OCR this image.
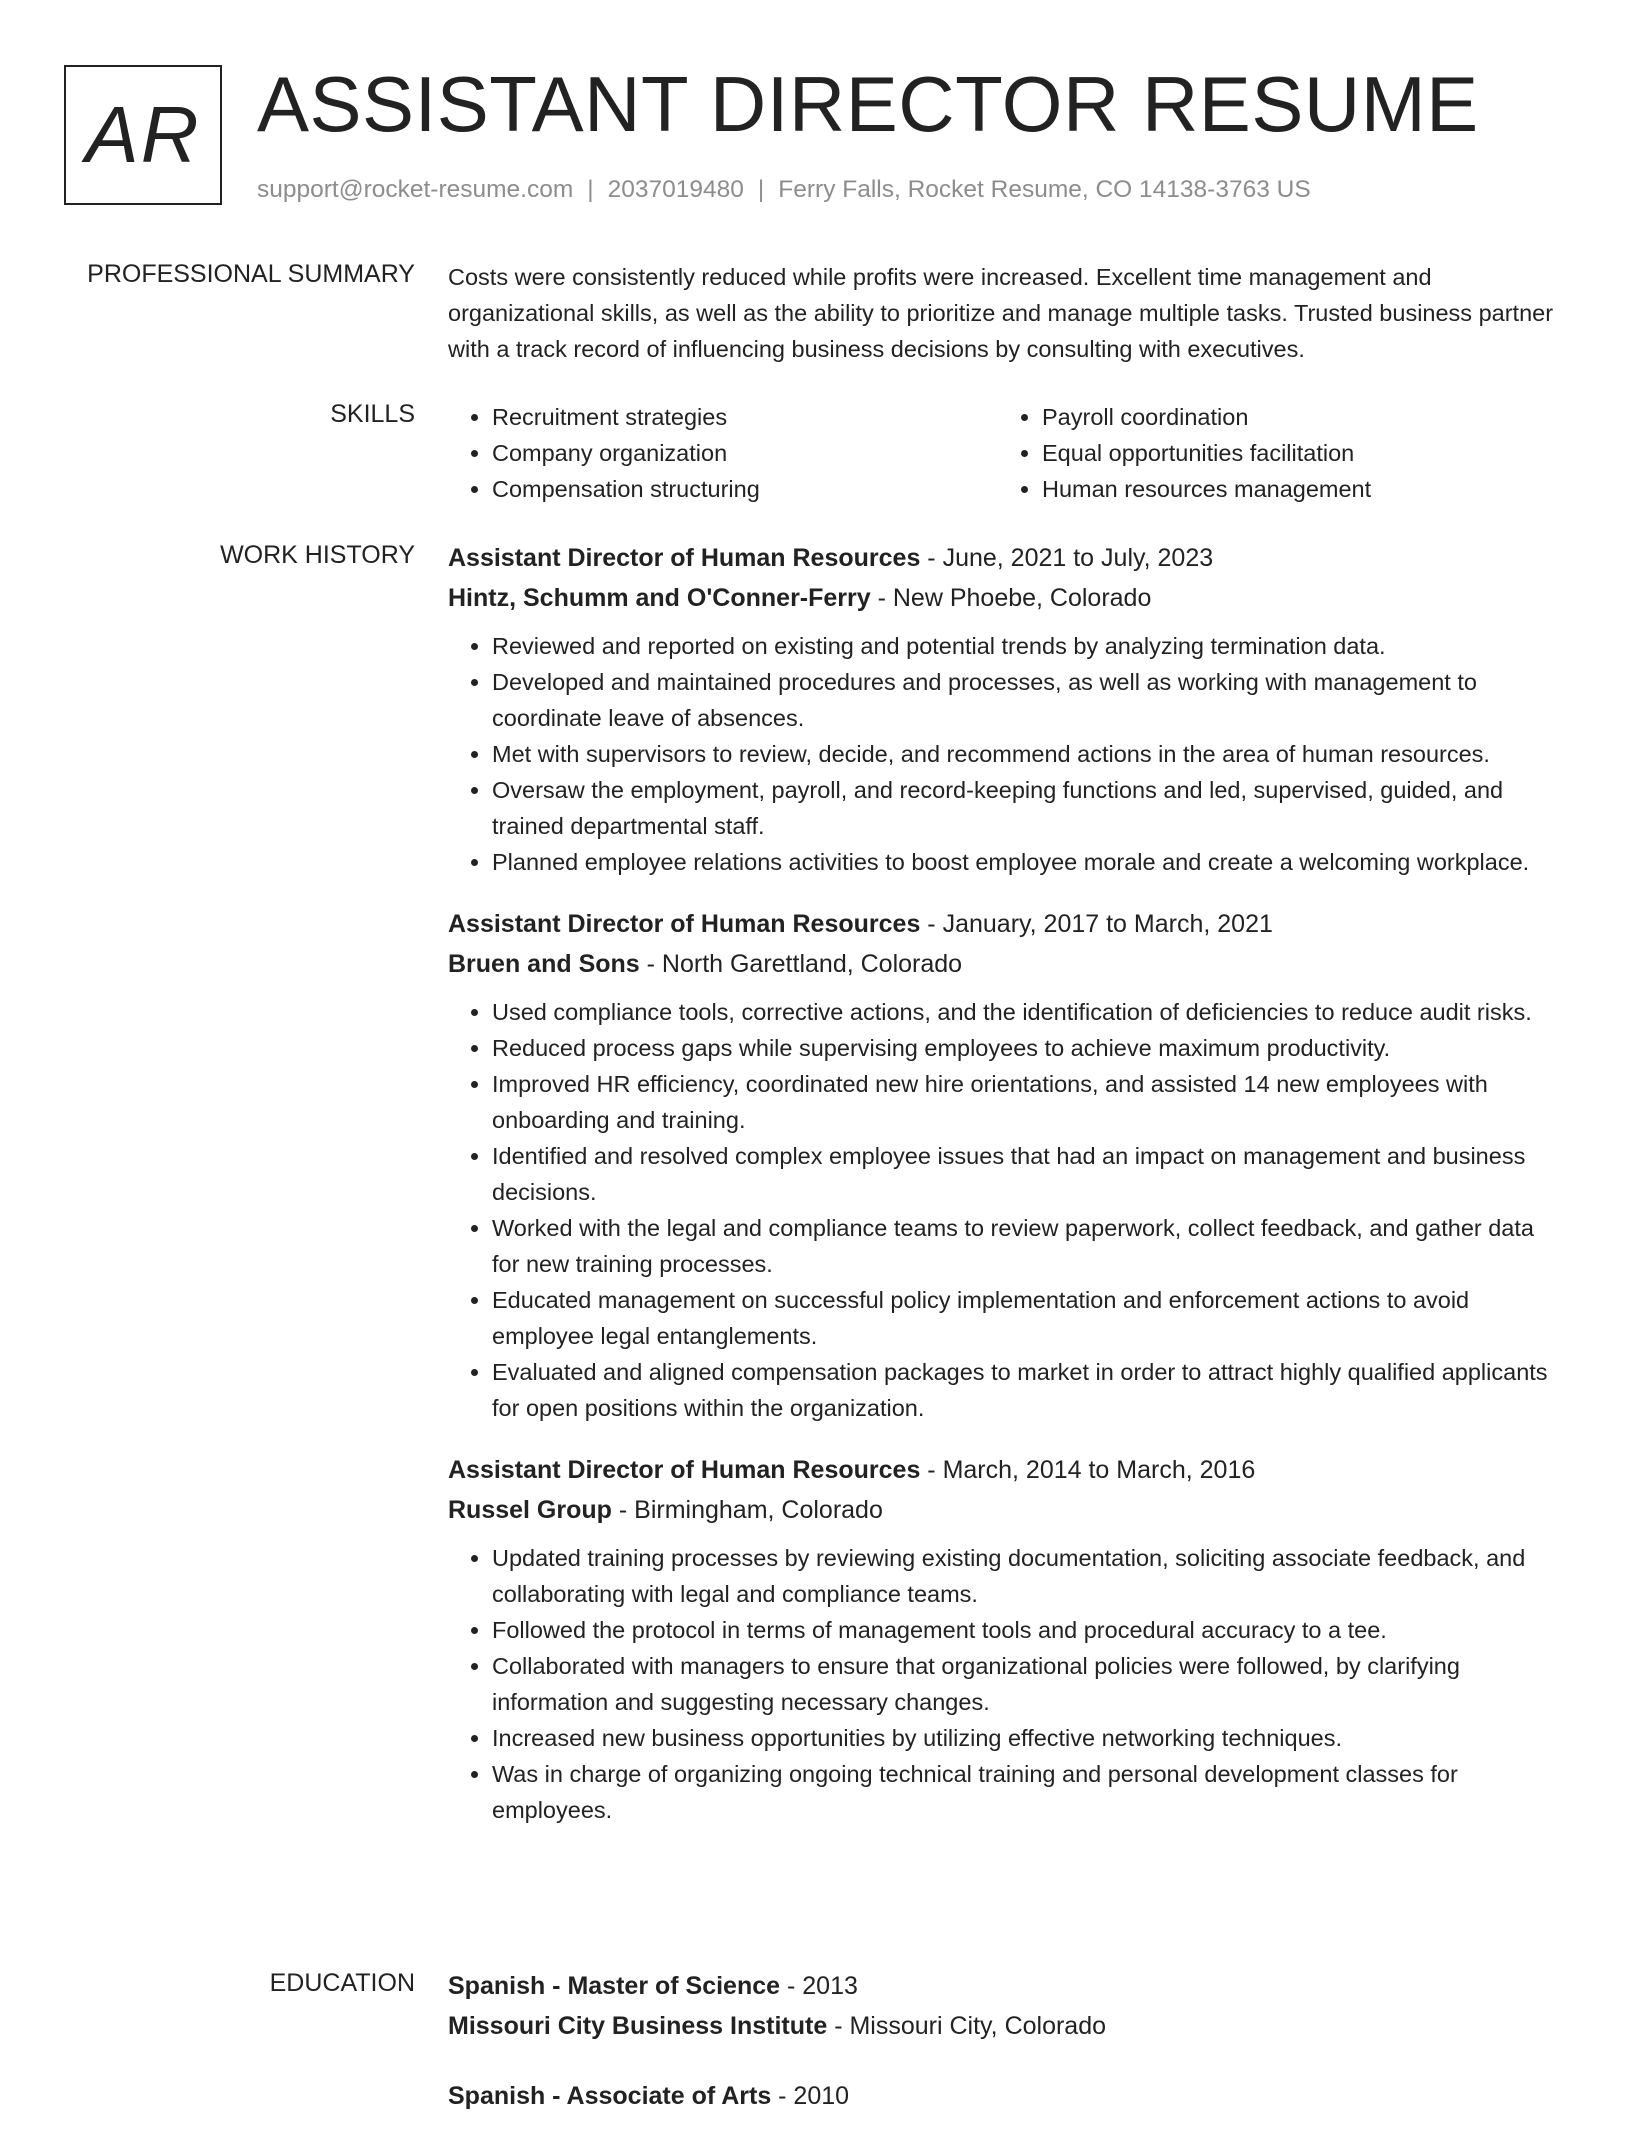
AR ASSISTANT DIRECTOR RESUME
support@rocket-resume.com | 2037019480 | Ferry Falls, Rocket Resume, CO 14138-3763 US
PROFESSIONAL SUMMARY Costs were consistently reduced while profits were increased. Excellent time management and organizational skills, as well as the ability to prioritize and manage multiple tasks. Trusted business partner with a track record of influencing business decisions by consulting with executives.

SKILLS
•	Recruitment strategies
• Company organization
• Compensation structuring
• Payroll coordination
• Equal opportunities facilitation
• Human resources management
WORK HISTORY Assistant Director of Human Resources - June, 2021 to July, 2023
Hintz, Schumm and O'Conner-Ferry - New Phoebe, Colorado
• Reviewed and reported on existing and potential trends by analyzing termination data.
• Developed and maintained procedures and processes, as well as working with management to coordinate leave of absences.
• Met with supervisors to review, decide, and recommend actions in the area of human resources.
• Oversaw the employment, payroll, and record-keeping functions and led, supervised, guided, and trained departmental staff.
• Planned employee relations activities to boost employee morale and create a welcoming workplace.
Assistant Director of Human Resources - January, 2017 to March, 2021
Bruen and Sons - North Garettland, Colorado
• Used compliance tools, corrective actions, and the identification of deficiencies to reduce audit risks.
• Reduced process gaps while supervising employees to achieve maximum productivity.
• Improved HR efficiency, coordinated new hire orientations, and assisted 14 new employees with onboarding and training.
• Identified and resolved complex employee issues that had an impact on management and business decisions.
• Worked with the legal and compliance teams to review paperwork, collect feedback, and gather data for new training processes.
• Educated management on successful policy implementation and enforcement actions to avoid employee legal entanglements.
• Evaluated and aligned compensation packages to market in order to attract highly qualified applicants for open positions within the organization.
Assistant Director of Human Resources - March, 2014 to March, 2016
Russel Group - Birmingham, Colorado
• Updated training processes by reviewing existing documentation, soliciting associate feedback, and collaborating with legal and compliance teams.
• Followed the protocol in terms of management tools and procedural accuracy to a tee.
• Collaborated with managers to ensure that organizational policies were followed, by clarifying information and suggesting necessary changes.
• Increased new business opportunities by utilizing effective networking techniques.
• Was in charge of organizing ongoing technical training and personal development classes for employees.
EDUCATION Spanish - Master of Science - 2013
Missouri City Business Institute - Missouri City, Colorado
Spanish - Associate of Arts - 2010
